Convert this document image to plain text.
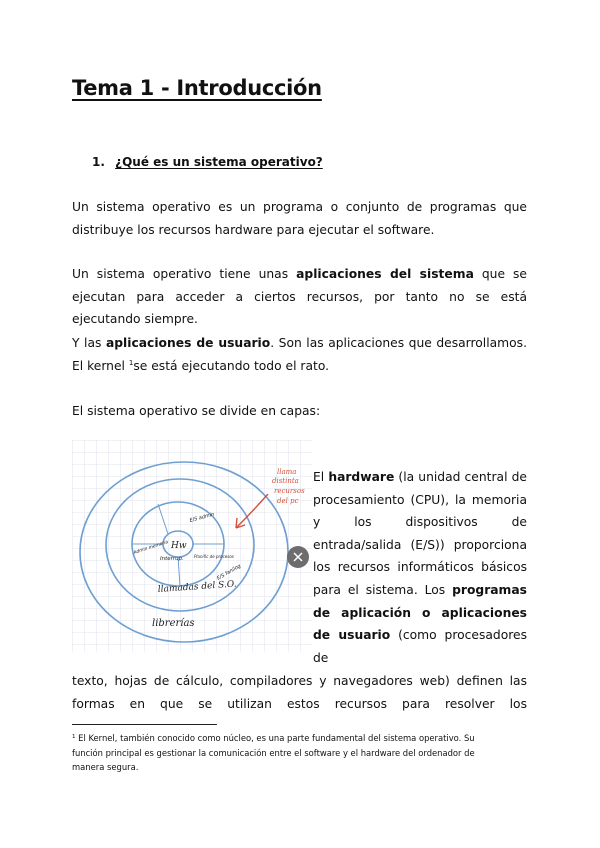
Tema 1 - Introducción
1. ¿Qué es un sistema operativo?

Un sistema operativo es un programa o conjunto de programas que distribuye los recursos hardware para ejecutar el software.

Un sistema operativo tiene unas aplicaciones del sistema que se ejecutan para acceder a ciertos recursos, por tanto no se está ejecutando siempre.

Y las aplicaciones de usuario. Son las aplicaciones que desarrollamos. El kernel $^1$se está ejecutando todo el rato.

El sistema operativo se divide en capas:

Hw
Interrup.
Admin memoria
E/S admin
Planific de procesos
llamadas del S.O.
E/S fanilog
librerías
llama
distinta
recursos
del pc

El hardware (la unidad central de procesamiento (CPU), la memoria y los dispositivos de entrada/salida (E/S)) proporciona los recursos informáticos básicos para el sistema. Los programas de aplicación o aplicaciones de usuario (como procesadores de

texto, hojas de cálculo, compiladores y navegadores web) definen las formas en que se utilizan estos recursos para resolver los

$^1$ El Kernel, también conocido como núcleo, es una parte fundamental del sistema operativo. Su función principal es gestionar la comunicación entre el software y el hardware del ordenador de manera segura.
